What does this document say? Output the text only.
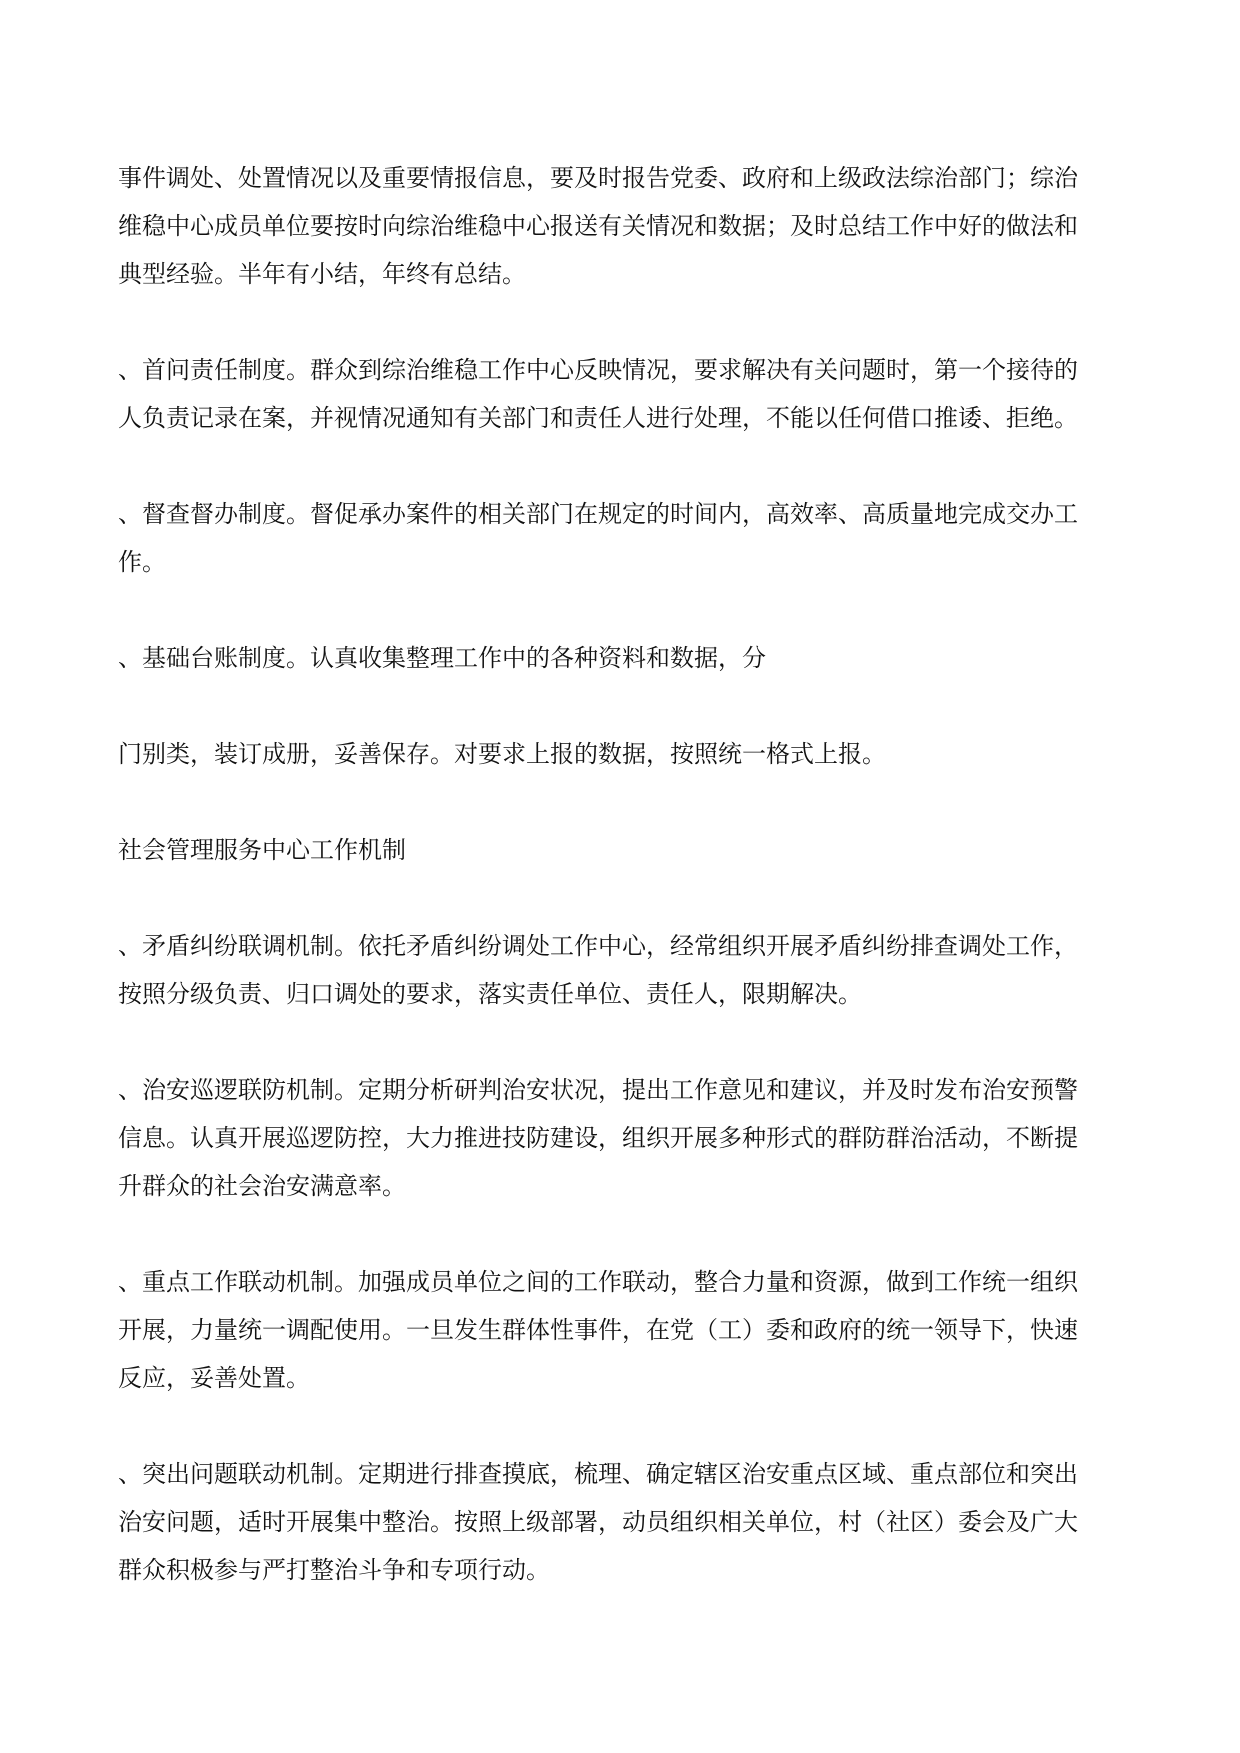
事件调处、处置情况以及重要情报信息，要及时报告党委、政府和上级政法综治部门；综治
维稳中心成员单位要按时向综治维稳中心报送有关情况和数据；及时总结工作中好的做法和
典型经验。半年有小结，年终有总结。

、首问责任制度。群众到综治维稳工作中心反映情况，要求解决有关问题时，第一个接待的
人负责记录在案，并视情况通知有关部门和责任人进行处理，不能以任何借口推诿、拒绝。

、督查督办制度。督促承办案件的相关部门在规定的时间内，高效率、高质量地完成交办工
作。

、基础台账制度。认真收集整理工作中的各种资料和数据，分

门别类，装订成册，妥善保存。对要求上报的数据，按照统一格式上报。

社会管理服务中心工作机制

、矛盾纠纷联调机制。依托矛盾纠纷调处工作中心，经常组织开展矛盾纠纷排查调处工作，
按照分级负责、归口调处的要求，落实责任单位、责任人，限期解决。

、治安巡逻联防机制。定期分析研判治安状况，提出工作意见和建议，并及时发布治安预警
信息。认真开展巡逻防控，大力推进技防建设，组织开展多种形式的群防群治活动，不断提
升群众的社会治安满意率。

、重点工作联动机制。加强成员单位之间的工作联动，整合力量和资源，做到工作统一组织
开展，力量统一调配使用。一旦发生群体性事件，在党（工）委和政府的统一领导下，快速
反应，妥善处置。

、突出问题联动机制。定期进行排查摸底，梳理、确定辖区治安重点区域、重点部位和突出
治安问题，适时开展集中整治。按照上级部署，动员组织相关单位，村（社区）委会及广大
群众积极参与严打整治斗争和专项行动。
